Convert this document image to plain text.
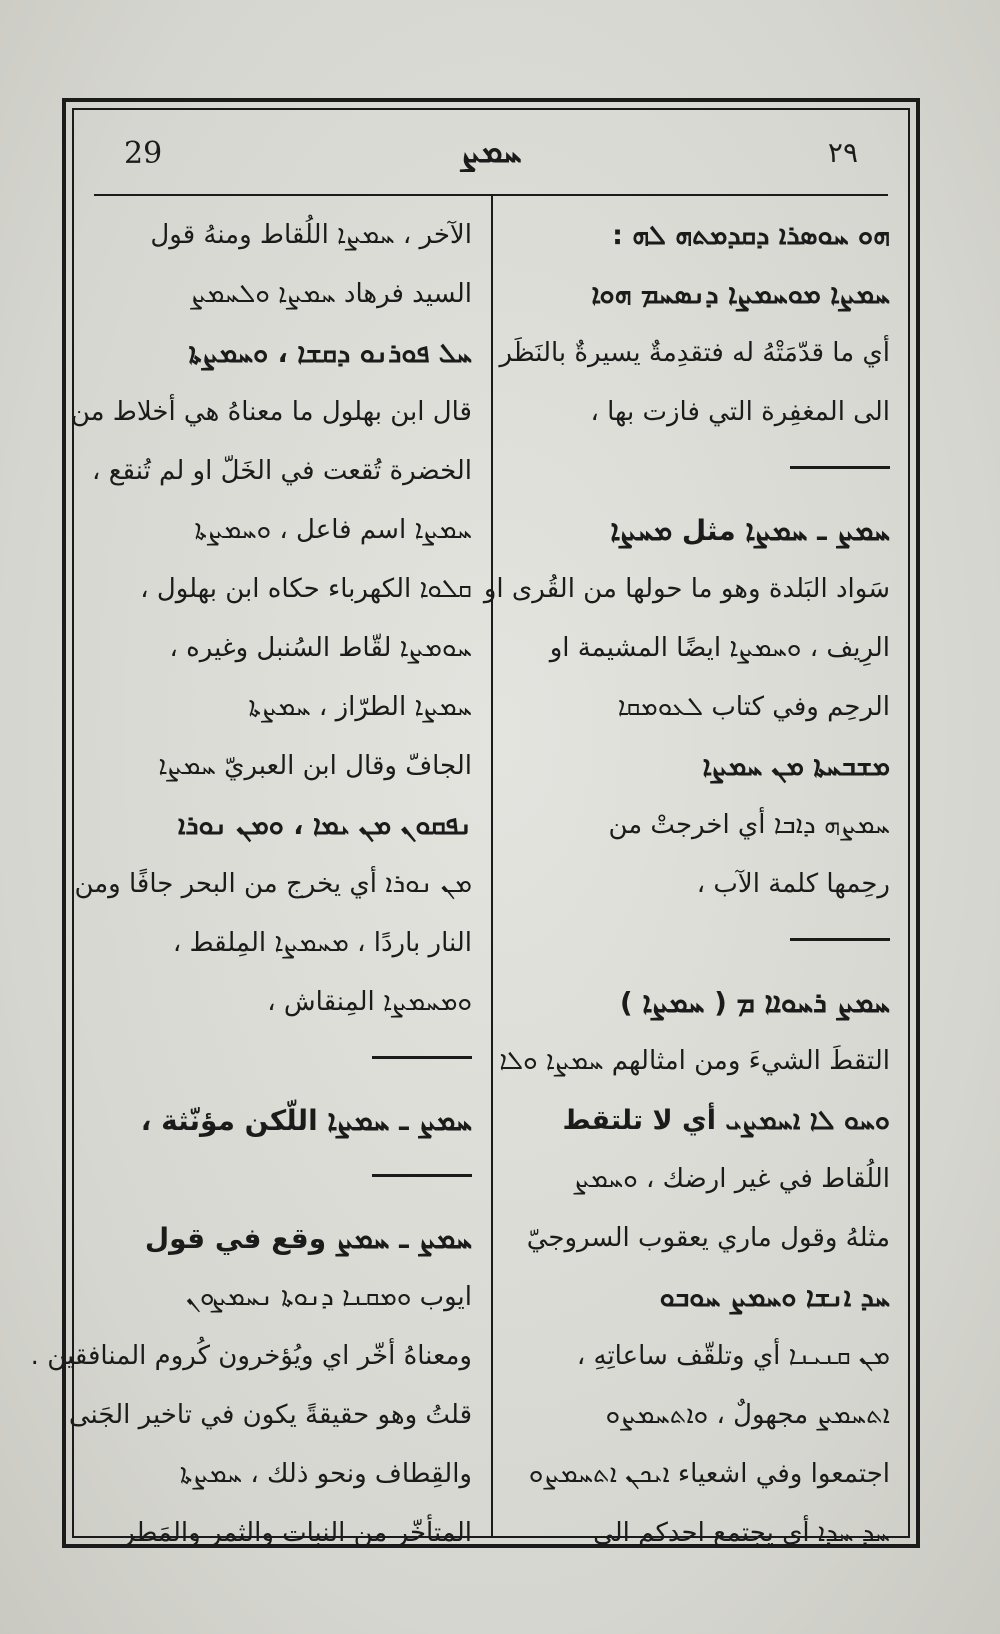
29	ܚܡܨ	٢٩
ܗܘ ܚܘܣܪܐ ܕܩܕܡܬܗ ܠܗ :
ܚܡܨܐ ܡܘܚܡܨܐ ܕܢܣܚܡ ܗܘܐ
أي ما قدّمَتْهُ له فتقدِمةٌ يسيرةٌ بالنَظَر
الى المغفِرة التي فازت بها ،
ܚܡܨ ـ ܚܡܨܐ مثل ܡܚܨܐ
سَواد البَلدة وهو ما حولها من القُرى او
الرِيف ، ܘܚܡܨܐ ايضًا المشيمة او
الرحِم وفي كتاب ܠܥܘܡܩܐ
ܡܫܒܚܬܐ ܡܢ ܚܡܨܐ
ܚܡܨܗ ܕܐܒܐ أي اخرجتْ من
رحِمها كلمة الآب ،
ܚܡܨ ܪܚܘܐܐ ܡ ( ܚܡܨܐ )
التقطَ الشيءَ ومن امثالهم ܚܡܨܐ ܘܠܐ
ܘܚܘ ܠܐ ܐܚܡܨܝ أي لا تلتقط
اللُقاط في غير ارضك ، ܘܚܡܨ
مثلهُ وقول ماري يعقوب السروجيّ
ܚܕ ܐܢܫܐ ܘܚܡܨ ܚܘܒܘ
ܡܢ ܩܢܝܢܐ أي وتلقّف ساعاتِهِ ،
ܐܬܚܡܨ مجهولٌ ، ܘܐܬܚܡܨܘ
اجتمعوا وفي اشعياء ܐܝܟܢ ܐܬܚܡܨܘ
ܚܕ ܚܕܐ أي يجتمع احدكم الى
الآخر ، ܚܡܨܐ اللُقاط ومنهُ قول
السيد فرهاد ܚܡܨܐ ܘܠܚܡܨ
ܚܠ ܦܘܪܢܘ ܕܩܫܐ ، ܘܚܡܨܬܐ
قال ابن بهلول ما معناهُ هي أخلاط من
الخضرة تُقعت في الخَلّ او لم تُنقع ،
ܚܡܨܐ اسم فاعل ، ܘܚܡܨܬܐ
ܩܠܘܐ الكهرباء حكاه ابن بهلول ،
ܚܘܡܨܐ لقّاط السُنبل وغيره ،
ܚܡܨܐ الطرّاز ، ܚܡܨܬܐ
الجافّ وقال ابن العبريّ ܚܡܨܐ
ܢܦܩܘܢ ܡܢ ܝܡܐ ، ܘܡܢ ܢܘܪܐ
ܡܢ ܢܘܪܐ أي يخرج من البحر جافًا ومن
النار باردًا ، ܡܚܡܨܐ المِلقط ،
ܘܡܚܡܨܐ المِنقاش ،
ܚܡܨ ـ ܚܡܨܐ اللّكن مؤنّثة ،
ܚܡܨ ـ ܚܡܨ وقع في قول
ايوب ܘܡܩܢܐ ܕܢܘܬܐ ܢܚܡܨܘܢ
ومعناهُ أخّر اي ويُؤخرون كُروم المنافقين .
قلتُ وهو حقيقةً يكون في تاخير الجَنى
والقِطاف ونحو ذلك ، ܚܡܨܬܐ
المتأخّر من النبات والثمر والمَطر
